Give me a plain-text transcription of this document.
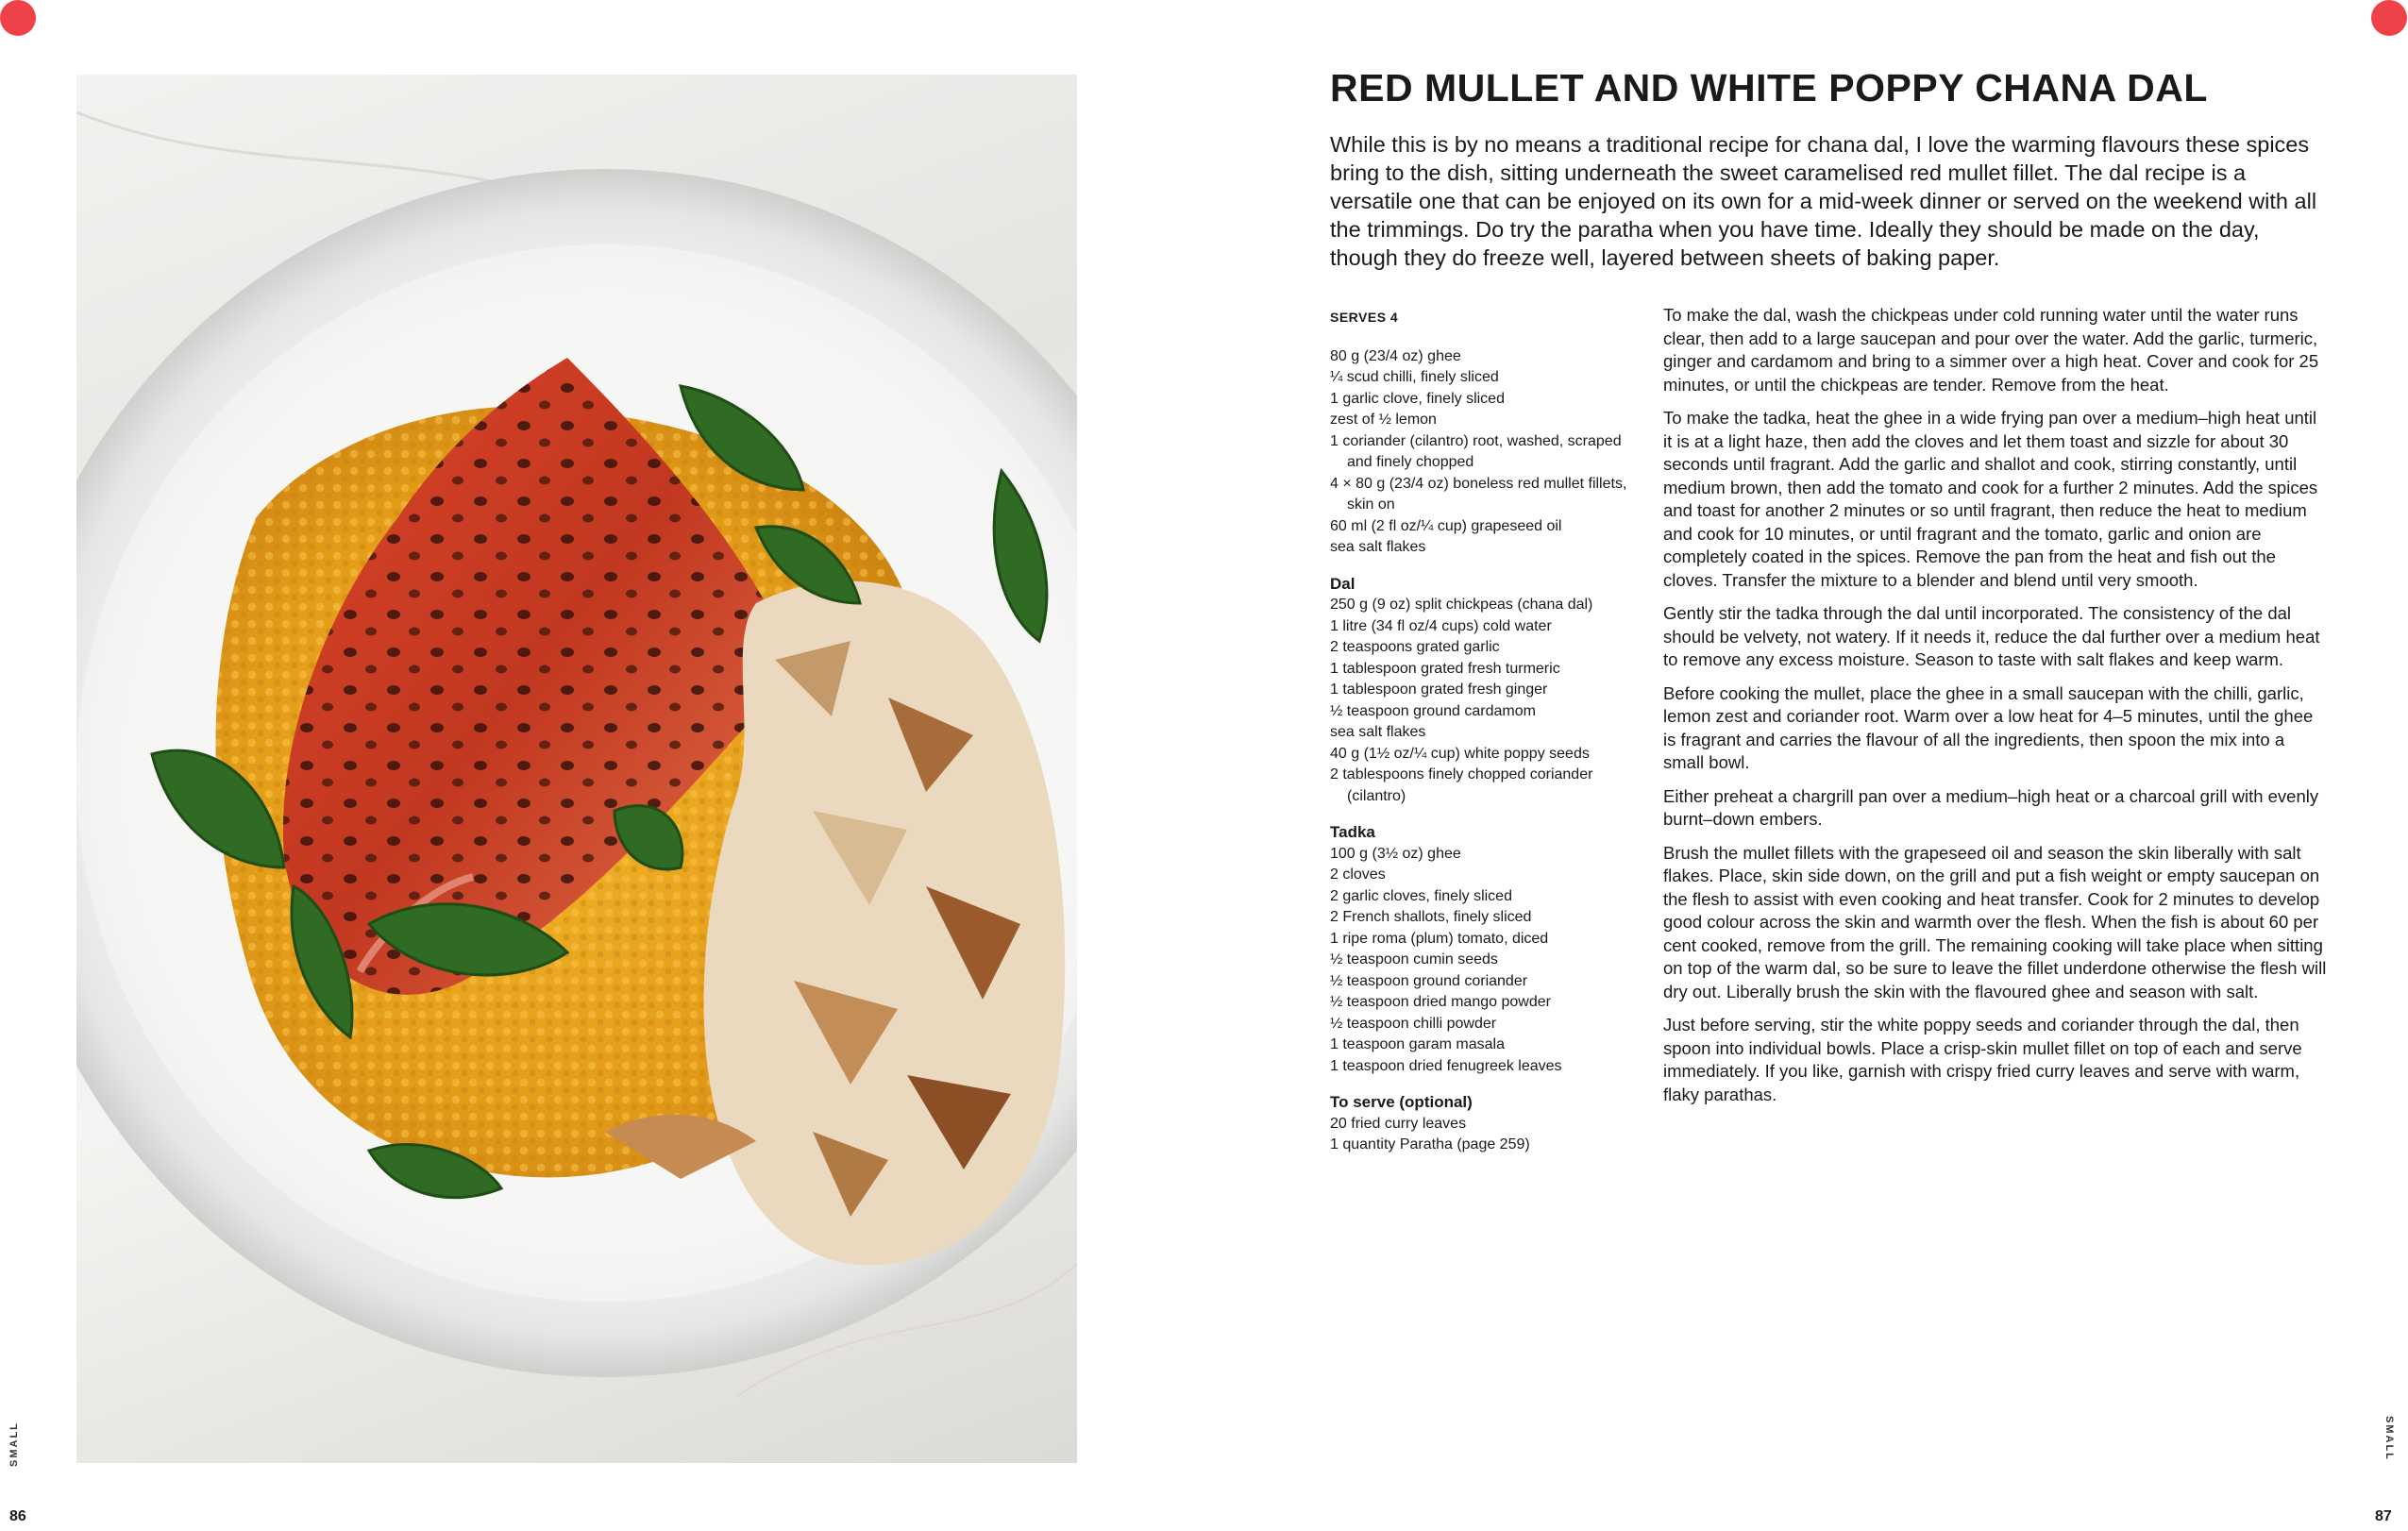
RED MULLET AND WHITE POPPY CHANA DAL
While this is by no means a traditional recipe for chana dal, I love the warming flavours these spices bring to the dish, sitting underneath the sweet caramelised red mullet fillet. The dal recipe is a versatile one that can be enjoyed on its own for a mid-week dinner or served on the weekend with all the trimmings. Do try the paratha when you have time. Ideally they should be made on the day, though they do freeze well, layered between sheets of baking paper.
SERVES 4
80 g (23/4 oz) ghee
¼ scud chilli, finely sliced
1 garlic clove, finely sliced
zest of ½ lemon
1 coriander (cilantro) root, washed, scraped and finely chopped
4 × 80 g (23/4 oz) boneless red mullet fillets, skin on
60 ml (2 fl oz/¼ cup) grapeseed oil
sea salt flakes
Dal
250 g (9 oz) split chickpeas (chana dal)
1 litre (34 fl oz/4 cups) cold water
2 teaspoons grated garlic
1 tablespoon grated fresh turmeric
1 tablespoon grated fresh ginger
½ teaspoon ground cardamom
sea salt flakes
40 g (1½ oz/¼ cup) white poppy seeds
2 tablespoons finely chopped coriander (cilantro)
Tadka
100 g (3½ oz) ghee
2 cloves
2 garlic cloves, finely sliced
2 French shallots, finely sliced
1 ripe roma (plum) tomato, diced
½ teaspoon cumin seeds
½ teaspoon ground coriander
½ teaspoon dried mango powder
½ teaspoon chilli powder
1 teaspoon garam masala
1 teaspoon dried fenugreek leaves
To serve (optional)
20 fried curry leaves
1 quantity Paratha (page 259)

To make the dal, wash the chickpeas under cold running water until the water runs clear, then add to a large saucepan and pour over the water. Add the garlic, turmeric, ginger and cardamom and bring to a simmer over a high heat. Cover and cook for 25 minutes, or until the chickpeas are tender. Remove from the heat.

To make the tadka, heat the ghee in a wide frying pan over a medium–high heat until it is at a light haze, then add the cloves and let them toast and sizzle for about 30 seconds until fragrant. Add the garlic and shallot and cook, stirring constantly, until medium brown, then add the tomato and cook for a further 2 minutes. Add the spices and toast for another 2 minutes or so until fragrant, then reduce the heat to medium and cook for 10 minutes, or until fragrant and the tomato, garlic and onion are completely coated in the spices. Remove the pan from the heat and fish out the cloves. Transfer the mixture to a blender and blend until very smooth.

Gently stir the tadka through the dal until incorporated. The consistency of the dal should be velvety, not watery. If it needs it, reduce the dal further over a medium heat to remove any excess moisture. Season to taste with salt flakes and keep warm.

Before cooking the mullet, place the ghee in a small saucepan with the chilli, garlic, lemon zest and coriander root. Warm over a low heat for 4–5 minutes, until the ghee is fragrant and carries the flavour of all the ingredients, then spoon the mix into a small bowl.

Either preheat a chargrill pan over a medium–high heat or a charcoal grill with evenly burnt–down embers.

Brush the mullet fillets with the grapeseed oil and season the skin liberally with salt flakes. Place, skin side down, on the grill and put a fish weight or empty saucepan on the flesh to assist with even cooking and heat transfer. Cook for 2 minutes to develop good colour across the skin and warmth over the flesh. When the fish is about 60 per cent cooked, remove from the grill. The remaining cooking will take place when sitting on top of the warm dal, so be sure to leave the fillet underdone otherwise the flesh will dry out. Liberally brush the skin with the flavoured ghee and season with salt.

Just before serving, stir the white poppy seeds and coriander through the dal, then spoon into individual bowls. Place a crisp-skin mullet fillet on top of each and serve immediately. If you like, garnish with crispy fried curry leaves and serve with warm, flaky parathas.

SMALL	SMALL
86	87
